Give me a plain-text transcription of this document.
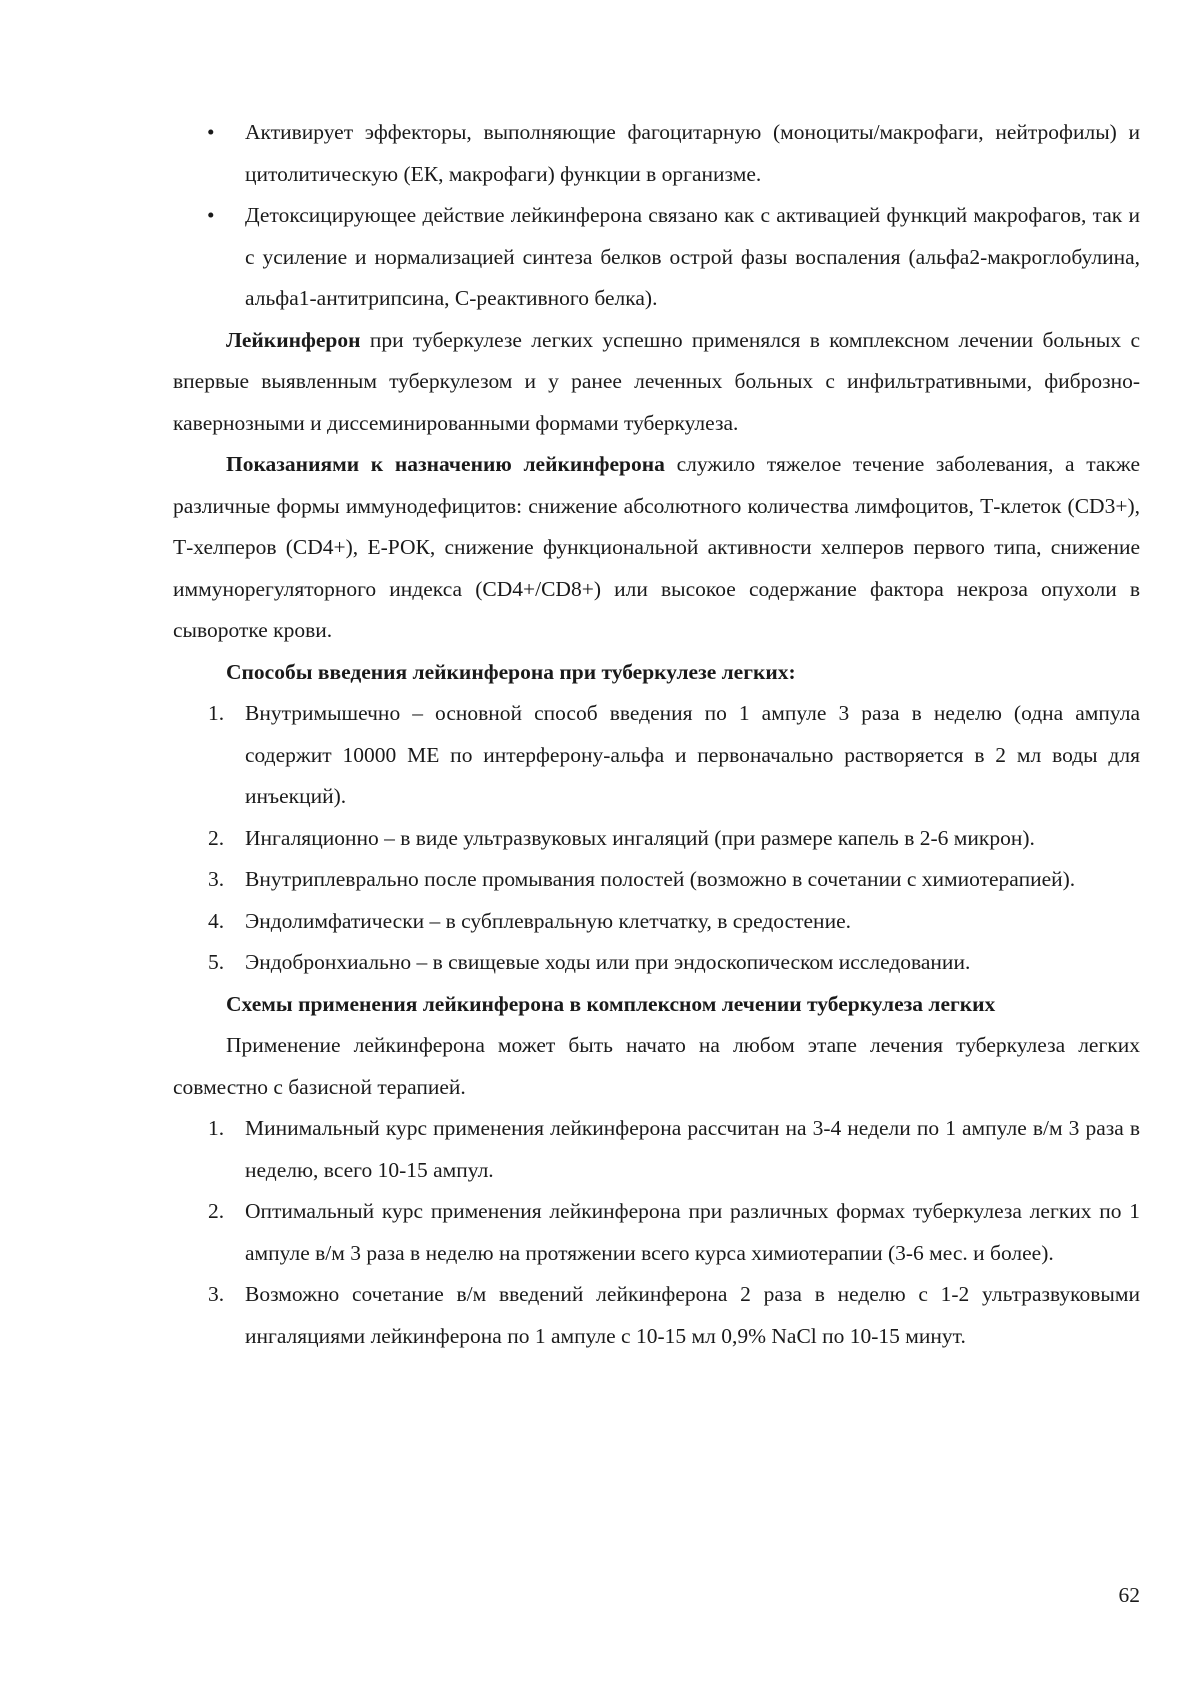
•	Активирует эффекторы, выполняющие фагоцитарную (моноциты/макрофаги, нейтрофилы) и цитолитическую (ЕК, макрофаги) функции в организме.
•	Детоксицирующее действие лейкинферона связано как с активацией функций макрофагов, так и с усиление и нормализацией синтеза белков острой фазы воспаления (альфа2-макроглобулина, альфа1-антитрипсина, С-реактивного белка).

Лейкинферон при туберкулезе легких успешно применялся в комплексном лечении больных с впервые выявленным туберкулезом и у ранее леченных больных с инфильтративными, фиброзно-кавернозными и диссеминированными формами туберкулеза.

Показаниями к назначению лейкинферона служило тяжелое течение заболевания, а также различные формы иммунодефицитов: снижение абсолютного количества лимфоцитов, Т-клеток (CD3+), Т-хелперов (CD4+), Е-РОК, снижение функциональной активности хелперов первого типа, снижение иммунорегуляторного индекса (CD4+/CD8+) или высокое содержание фактора некроза опухоли в сыворотке крови.

Способы введения лейкинферона при туберкулезе легких:
1. Внутримышечно – основной способ введения по 1 ампуле 3 раза в неделю (одна ампула содержит 10000 МЕ по интерферону-альфа и первоначально растворяется в 2 мл воды для инъекций).
2. Ингаляционно – в виде ультразвуковых ингаляций (при размере капель в 2-6 микрон).
3. Внутриплеврально после промывания полостей (возможно в сочетании с химиотерапией).
4. Эндолимфатически – в субплевральную клетчатку, в средостение.
5. Эндобронхиально – в свищевые ходы или при эндоскопическом исследовании.
Схемы применения лейкинферона в комплексном лечении туберкулеза легких

Применение лейкинферона может быть начато на любом этапе лечения туберкулеза легких совместно с базисной терапией.

1. Минимальный курс применения лейкинферона рассчитан на 3-4 недели по 1 ампуле в/м 3 раза в неделю, всего 10-15 ампул.
2. Оптимальный курс применения лейкинферона при различных формах туберкулеза легких по 1 ампуле в/м 3 раза в неделю на протяжении всего курса химиотерапии (3-6 мес. и более).
3. Возможно сочетание в/м введений лейкинферона 2 раза в неделю с 1-2 ультразвуковыми ингаляциями лейкинферона по 1 ампуле с 10-15 мл 0,9% NaCl по 10-15 минут.
62
